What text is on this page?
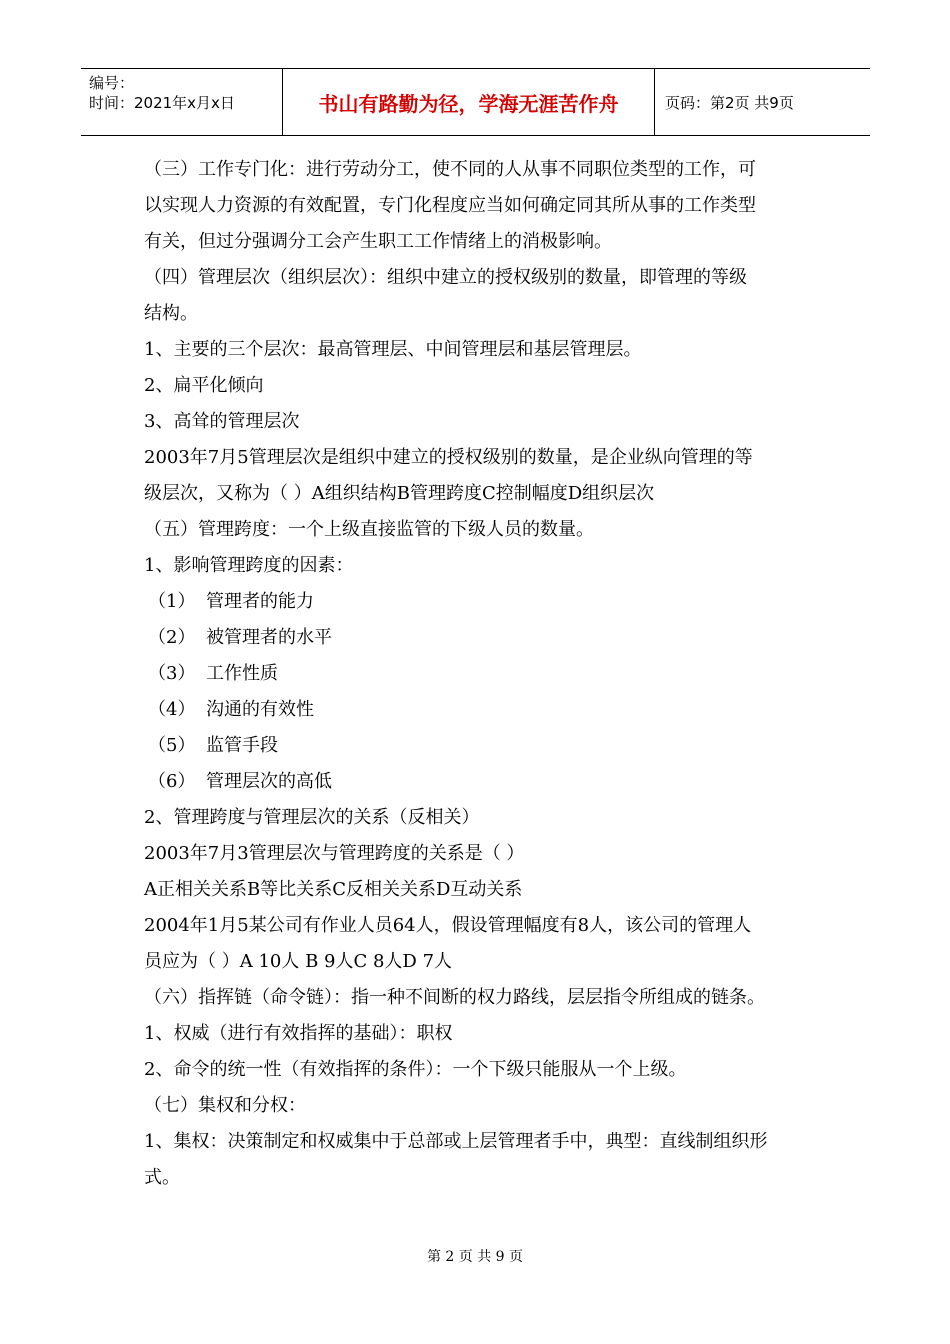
编号：
时间：2021年x月x日	书山有路勤为径，学海无涯苦作舟	页码：第2页 共9页
（三）工作专门化：进行劳动分工，使不同的人从事不同职位类型的工作，可
以实现人力资源的有效配置，专门化程度应当如何确定同其所从事的工作类型
有关，但过分强调分工会产生职工工作情绪上的消极影响。
（四）管理层次（组织层次）：组织中建立的授权级别的数量，即管理的等级
结构。
1、主要的三个层次：最高管理层、中间管理层和基层管理层。
2、扁平化倾向
3、高耸的管理层次
2003年7月5管理层次是组织中建立的授权级别的数量，是企业纵向管理的等
级层次，又称为（ ）A组织结构B管理跨度C控制幅度D组织层次
（五）管理跨度：一个上级直接监管的下级人员的数量。
1、影响管理跨度的因素：
（1） 管理者的能力
（2） 被管理者的水平
（3） 工作性质
（4） 沟通的有效性
（5） 监管手段
（6） 管理层次的高低
2、管理跨度与管理层次的关系（反相关）
2003年7月3管理层次与管理跨度的关系是（ ）
A正相关关系B等比关系C反相关关系D互动关系
2004年1月5某公司有作业人员64人，假设管理幅度有8人，该公司的管理人
员应为（ ）A 10人 B 9人C 8人D 7人
（六）指挥链（命令链）：指一种不间断的权力路线，层层指令所组成的链条。
1、权威（进行有效指挥的基础）：职权
2、命令的统一性（有效指挥的条件）：一个下级只能服从一个上级。
（七）集权和分权：
1、集权：决策制定和权威集中于总部或上层管理者手中，典型：直线制组织形
式。
第 2 页 共 9 页
